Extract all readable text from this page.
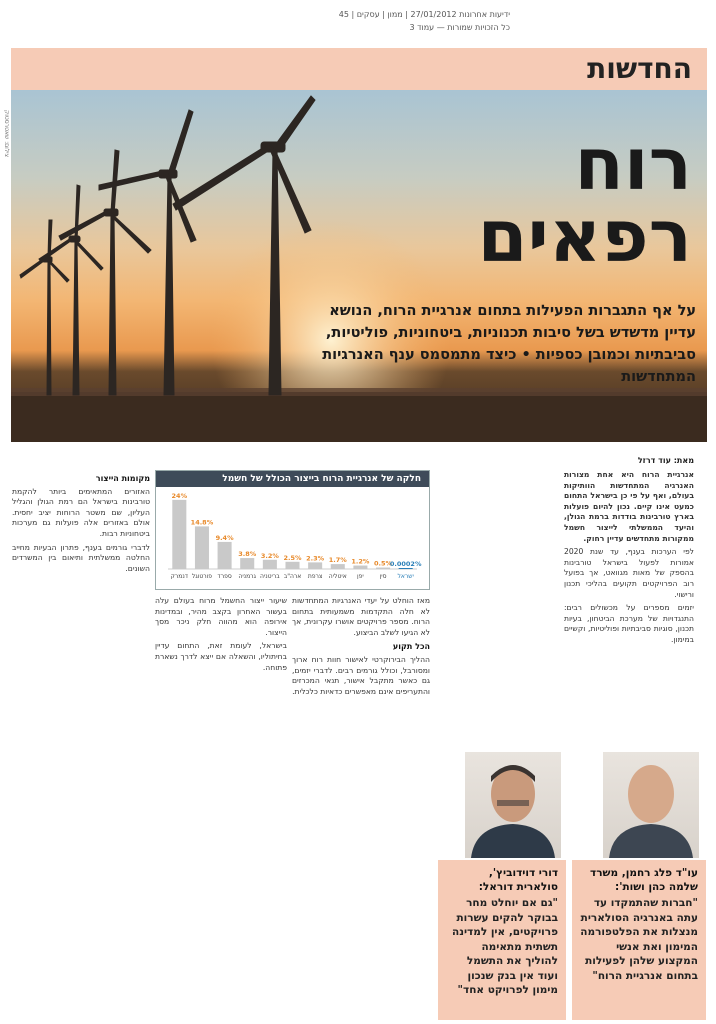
ידיעות אחרונות 27/01/2012 | ממון | עסקים | 45
כל הזכויות שמורות — עמוד 3
החדשות
צילום: שאטרסטוק	רוח
רפאים
על אף התגברות הפעילות בתחום אנרגיית הרוח, הנושא עדיין מדשדש בשל סיבות תכנוניות, ביטחוניות, פוליטיות, סביבתיות וכמובן כספיות • כיצד מתמסמס ענף האנרגיות המתחדשות
מאת: עוד דרזל

אנרגיית הרוח היא אחת מצורות האנרגיה המתחדשות הוותיקות בעולם, ואף על פי כן בישראל התחום כמעט אינו קיים. נכון להיום פועלות בארץ טורבינות בודדות ברמת הגולן, והיעד הממשלתי לייצור חשמל ממקורות מתחדשים עדיין רחוק.

לפי הערכות בענף, עד שנת 2020 אמורות לפעול בישראל טורבינות בהספק של מאות מגוואט, אך בפועל רוב הפרויקטים תקועים בהליכי תכנון ורישוי.

יזמים מספרים על מכשולים רבים: התנגדויות של מערכת הביטחון, בעיות תכנון, סוגיות סביבתיות ופוליטיות, וקשיים במימון.

מאז הוחלט על יעדי האנרגיות המתחדשות לא חלה התקדמות משמעותית בתחום הרוח. מספר פרויקטים אושרו עקרונית, אך לא הגיעו לשלב הביצוע.

הכל תקוע

ההליך הבירוקרטי לאישור חוות רוח ארוך ומסורבל, וכולל גורמים רבים. לדברי יזמים, גם כאשר מתקבל אישור, תנאי המכרזים והתעריפים אינם מאפשרים כדאיות כלכלית.

שיעור ייצור החשמל מרוח בעולם עלה בעשור האחרון בקצב מהיר, ובמדינות אירופה הוא מהווה חלק ניכר מסך הייצור.

בישראל, לעומת זאת, התחום עדיין בחיתוליו, והשאלה אם ייצא לדרך נשארת פתוחה.

מקומות הייצור

האזורים המתאימים ביותר להקמת טורבינות בישראל הם רמת הגולן והגליל העליון, שם משטר הרוחות יציב יחסית. אולם באזורים אלה פועלות גם מערכות ביטחוניות רבות.

לדברי גורמים בענף, פתרון הבעיות מחייב החלטה ממשלתית ותיאום בין המשרדים השונים.

חלקה של אנרגיית הרוח בייצור הכולל של חשמל
24%
דנמרק
14.8%
פורטוגל
9.4%
ספרד
3.8%
גרמניה
3.2%
בריטניה
2.5%
ארה"ב
2.3%
צרפת
1.7%
איטליה
1.2%
יפן
0.5%
סין
0.0002%
ישראל
דורי דוידוביץ', סולארית דוראל:
"גם אם יוחלט מחר בבוקר להקים עשרות פרויקטים, אין למדינה תשתית מתאימה להוליך את התשמל ועוד אין בנק שנכון מימון לפרויקט אחד"
עו"ד פלג רחמן, משרד שלמה כהן ושות':
"חברות שהתמקדו עד עתה באנרגיה הסולארית מנצלות את הפלטפורמה המימון ואת אנשי המקצוע שלהן לפעילות בתחום אנרגיית הרוח"
